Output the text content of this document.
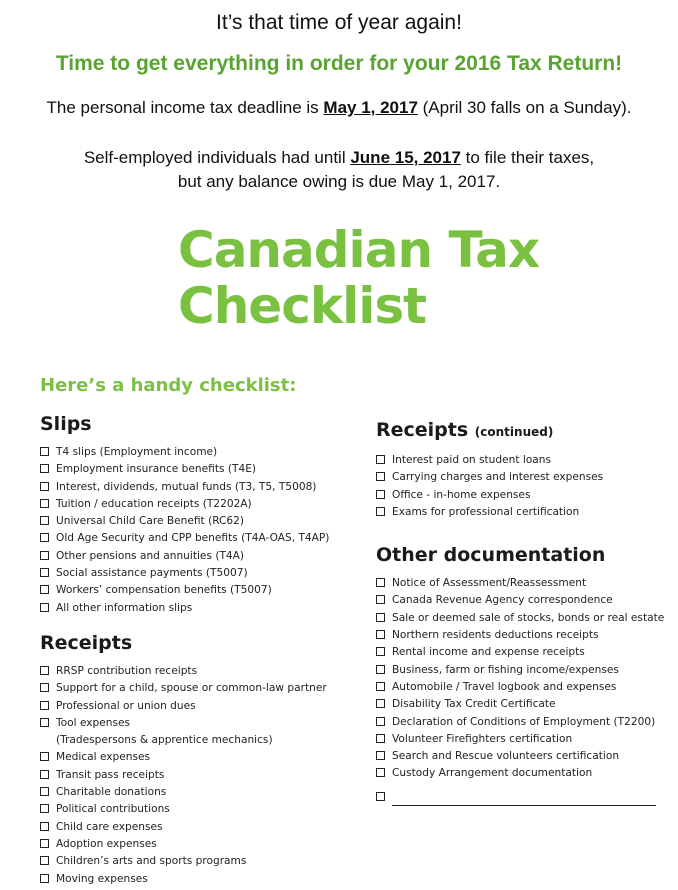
It’s that time of year again!
Time to get everything in order for your 2016 Tax Return!
The personal income tax deadline is May 1, 2017 (April 30 falls on a Sunday).
Self-employed individuals had until June 15, 2017 to file their taxes,
but any balance owing is due May 1, 2017.
Canadian Tax
Checklist
Here’s a handy checklist:
Slips
T4 slips (Employment income)
Employment insurance benefits (T4E)
Interest, dividends, mutual funds (T3, T5, T5008)
Tuition / education receipts (T2202A)
Universal Child Care Benefit (RC62)
Old Age Security and CPP benefits (T4A-OAS, T4AP)
Other pensions and annuities (T4A)
Social assistance payments (T5007)
Workers’ compensation benefits (T5007)
All other information slips
Receipts
RRSP contribution receipts
Support for a child, spouse or common-law partner
Professional or union dues
Tool expenses
(Tradespersons & apprentice mechanics)
Medical expenses
Transit pass receipts
Charitable donations
Political contributions
Child care expenses
Adoption expenses
Children’s arts and sports programs
Moving expenses
Receipts (continued)
Interest paid on student loans
Carrying charges and interest expenses
Office - in-home expenses
Exams for professional certification
Other documentation
Notice of Assessment/Reassessment
Canada Revenue Agency correspondence
Sale or deemed sale of stocks, bonds or real estate
Northern residents deductions receipts
Rental income and expense receipts
Business, farm or fishing income/expenses
Automobile / Travel logbook and expenses
Disability Tax Credit Certificate
Declaration of Conditions of Employment (T2200)
Volunteer Firefighters certification
Search and Rescue volunteers certification
Custody Arrangement documentation
